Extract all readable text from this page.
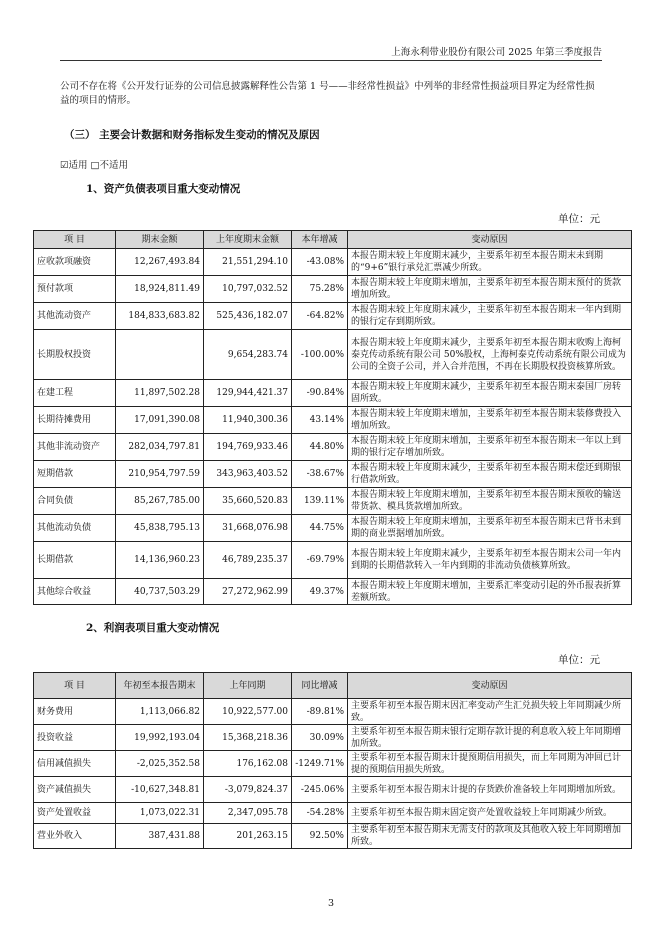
上海永利带业股份有限公司 2025 年第三季度报告
公司不存在将《公开发行证券的公司信息披露解释性公告第 1 号——非经常性损益》中列举的非经常性损益项目界定为经常性损益的项目的情形。
（三） 主要会计数据和财务指标发生变动的情况及原因
☑适用 □不适用
1、资产负债表项目重大变动情况
单位：元
项 目	期末金额	上年度期末金额	本年增减	变动原因
应收款项融资	12,267,493.84	21,551,294.10	-43.08%	本报告期末较上年度期末减少，主要系年初至本报告期末未到期的“9+6”银行承兑汇票减少所致。
预付款项	18,924,811.49	10,797,032.52	75.28%	本报告期末较上年度期末增加，主要系年初至本报告期末预付的货款增加所致。
其他流动资产	184,833,683.82	525,436,182.07	-64.82%	本报告期末较上年度期末减少，主要系年初至本报告期末一年内到期的银行定存到期所致。
长期股权投资		9,654,283.74	-100.00%	本报告期末较上年度期末减少，主要系年初至本报告期末收购上海柯泰克传动系统有限公司 50%股权，上海柯泰克传动系统有限公司成为公司的全资子公司，并入合并范围，不再在长期股权投资核算所致。
在建工程	11,897,502.28	129,944,421.37	-90.84%	本报告期末较上年度期末减少，主要系年初至本报告期末泰国厂房转固所致。
长期待摊费用	17,091,390.08	11,940,300.36	43.14%	本报告期末较上年度期末增加，主要系年初至本报告期末装修费投入增加所致。
其他非流动资产	282,034,797.81	194,769,933.46	44.80%	本报告期末较上年度期末增加，主要系年初至本报告期末一年以上到期的银行定存增加所致。
短期借款	210,954,797.59	343,963,403.52	-38.67%	本报告期末较上年度期末减少，主要系年初至本报告期末偿还到期银行借款所致。
合同负债	85,267,785.00	35,660,520.83	139.11%	本报告期末较上年度期末增加，主要系年初至本报告期末预收的输送带货款、模具货款增加所致。
其他流动负债	45,838,795.13	31,668,076.98	44.75%	本报告期末较上年度期末增加，主要系年初至本报告期末已背书未到期的商业票据增加所致。
长期借款	14,136,960.23	46,789,235.37	-69.79%	本报告期末较上年度期末减少，主要系年初至本报告期末公司一年内到期的长期借款转入一年内到期的非流动负债核算所致。
其他综合收益	40,737,503.29	27,272,962.99	49.37%	本报告期末较上年度期末增加，主要系汇率变动引起的外币报表折算差额所致。
2、利润表项目重大变动情况
单位：元
项 目	年初至本报告期末	上年同期	同比增减	变动原因
财务费用	1,113,066.82	10,922,577.00	-89.81%	主要系年初至本报告期末因汇率变动产生汇兑损失较上年同期减少所致。
投资收益	19,992,193.04	15,368,218.36	30.09%	主要系年初至本报告期末银行定期存款计提的利息收入较上年同期增加所致。
信用减值损失	-2,025,352.58	176,162.08	-1249.71%	主要系年初至本报告期末计提预期信用损失，而上年同期为冲回已计提的预期信用损失所致。
资产减值损失	-10,627,348.81	-3,079,824.37	-245.06%	主要系年初至本报告期末计提的存货跌价准备较上年同期增加所致。
资产处置收益	1,073,022.31	2,347,095.78	-54.28%	主要系年初至本报告期末固定资产处置收益较上年同期减少所致。
营业外收入	387,431.88	201,263.15	92.50%	主要系年初至本报告期末无需支付的款项及其他收入较上年同期增加所致。
3
